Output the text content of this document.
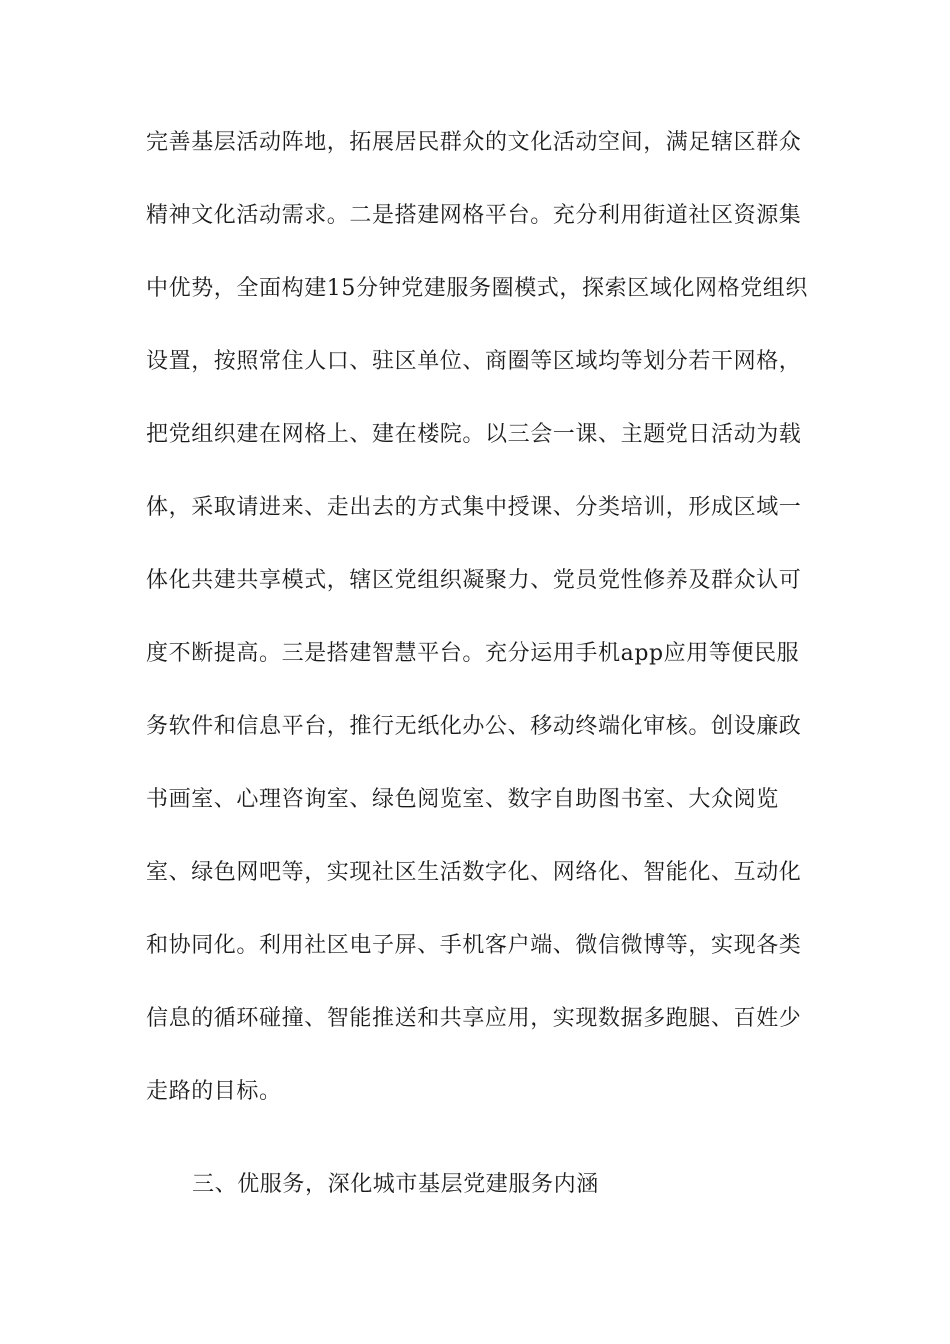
完善基层活动阵地，拓展居民群众的文化活动空间，满足辖区群众
精神文化活动需求。二是搭建网格平台。充分利用街道社区资源集
中优势，全面构建15分钟党建服务圈模式，探索区域化网格党组织
设置，按照常住人口、驻区单位、商圈等区域均等划分若干网格，
把党组织建在网格上、建在楼院。以三会一课、主题党日活动为载
体，采取请进来、走出去的方式集中授课、分类培训，形成区域一
体化共建共享模式，辖区党组织凝聚力、党员党性修养及群众认可
度不断提高。三是搭建智慧平台。充分运用手机app应用等便民服
务软件和信息平台，推行无纸化办公、移动终端化审核。创设廉政
书画室、心理咨询室、绿色阅览室、数字自助图书室、大众阅览
室、绿色网吧等，实现社区生活数字化、网络化、智能化、互动化
和协同化。利用社区电子屏、手机客户端、微信微博等，实现各类
信息的循环碰撞、智能推送和共享应用，实现数据多跑腿、百姓少
走路的目标。
三、优服务，深化城市基层党建服务内涵
